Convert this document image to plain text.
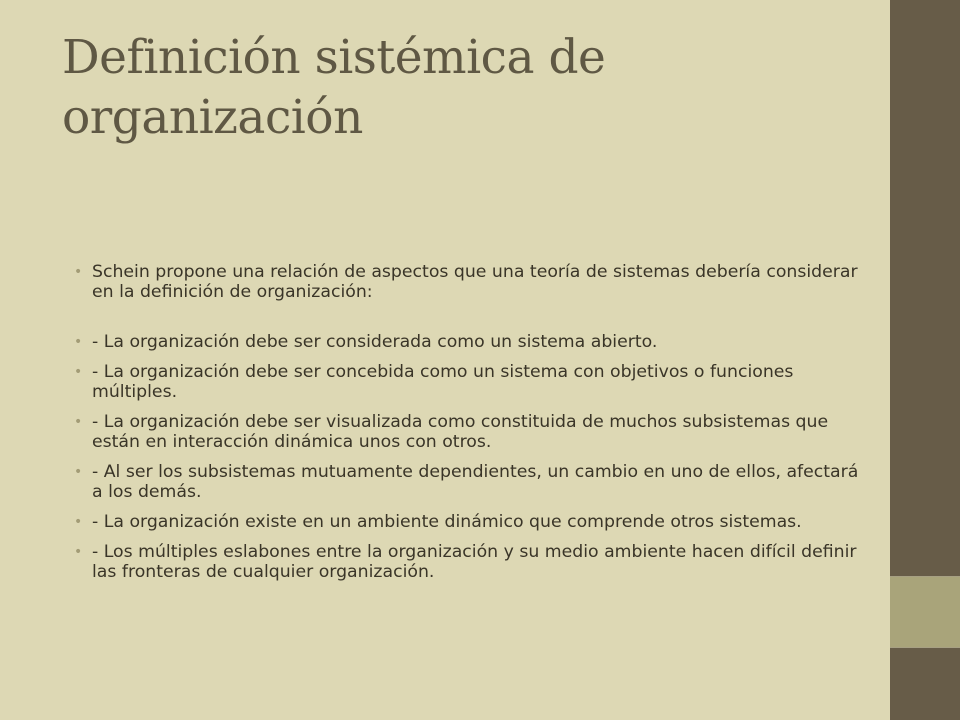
Definición sistémica de organización
• Schein propone una relación de aspectos que una teoría de sistemas debería considerar en la definición de organización:
• - La organización debe ser considerada como un sistema abierto.
• - La organización debe ser concebida como un sistema con objetivos o funciones múltiples.
• - La organización debe ser visualizada como constituida de muchos subsistemas que están en interacción dinámica unos con otros.
• - Al ser los subsistemas mutuamente dependientes, un cambio en uno de ellos, afectará a los demás.
• - La organización existe en un ambiente dinámico que comprende otros sistemas.
• - Los múltiples eslabones entre la organización y su medio ambiente hacen difícil definir las fronteras de cualquier organización.
